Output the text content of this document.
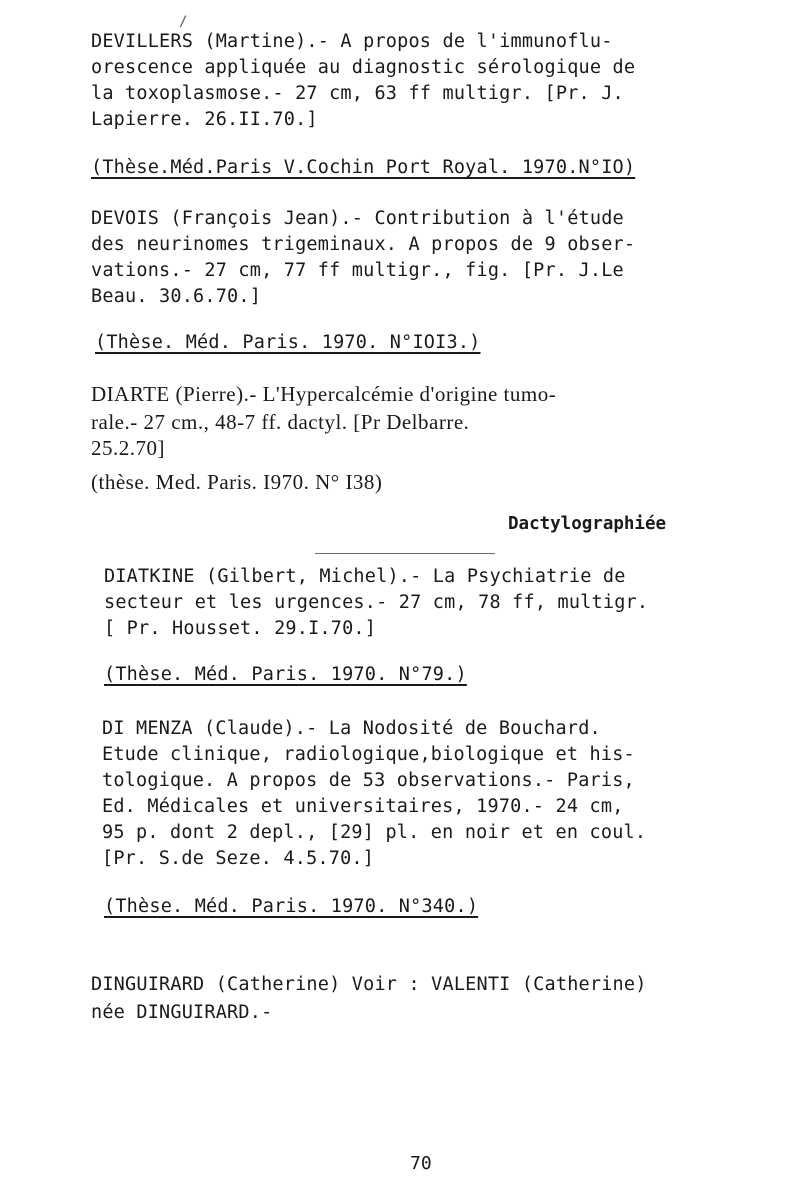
DEVILLERS (Martine).- A propos de l'immunoflu-
orescence appliquée au diagnostic sérologique de
la toxoplasmose.- 27 cm, 63 ff multigr. [Pr. J.
Lapierre. 26.II.70.]
(Thèse.Méd.Paris V.Cochin Port Royal. 1970.N°IO)
DEVOIS (François Jean).- Contribution à l'étude
des neurinomes trigeminaux. A propos de 9 obser-
vations.- 27 cm, 77 ff multigr., fig. [Pr. J.Le
Beau. 30.6.70.]
(Thèse. Méd. Paris. 1970. N°IOI3.)
DIARTE (Pierre).- L'Hypercalcémie d'origine tumo-
rale.- 27 cm., 48-7 ff. dactyl. [Pr Delbarre.
25.2.70]
(thèse. Med. Paris. I970. N° I38)
Dactylographiée
DIATKINE (Gilbert, Michel).- La Psychiatrie de
secteur et les urgences.- 27 cm, 78 ff, multigr.
[ Pr. Housset. 29.I.70.]
(Thèse. Méd. Paris. 1970. N°79.)
DI MENZA (Claude).- La Nodosité de Bouchard.
Etude clinique, radiologique,biologique et his-
tologique. A propos de 53 observations.- Paris,
Ed. Médicales et universitaires, 1970.- 24 cm,
95 p. dont 2 depl., [29] pl. en noir et en coul.
[Pr. S.de Seze. 4.5.70.]
(Thèse. Méd. Paris. 1970. N°340.)
DINGUIRARD (Catherine) Voir : VALENTI (Catherine)
née DINGUIRARD.-
70
/
